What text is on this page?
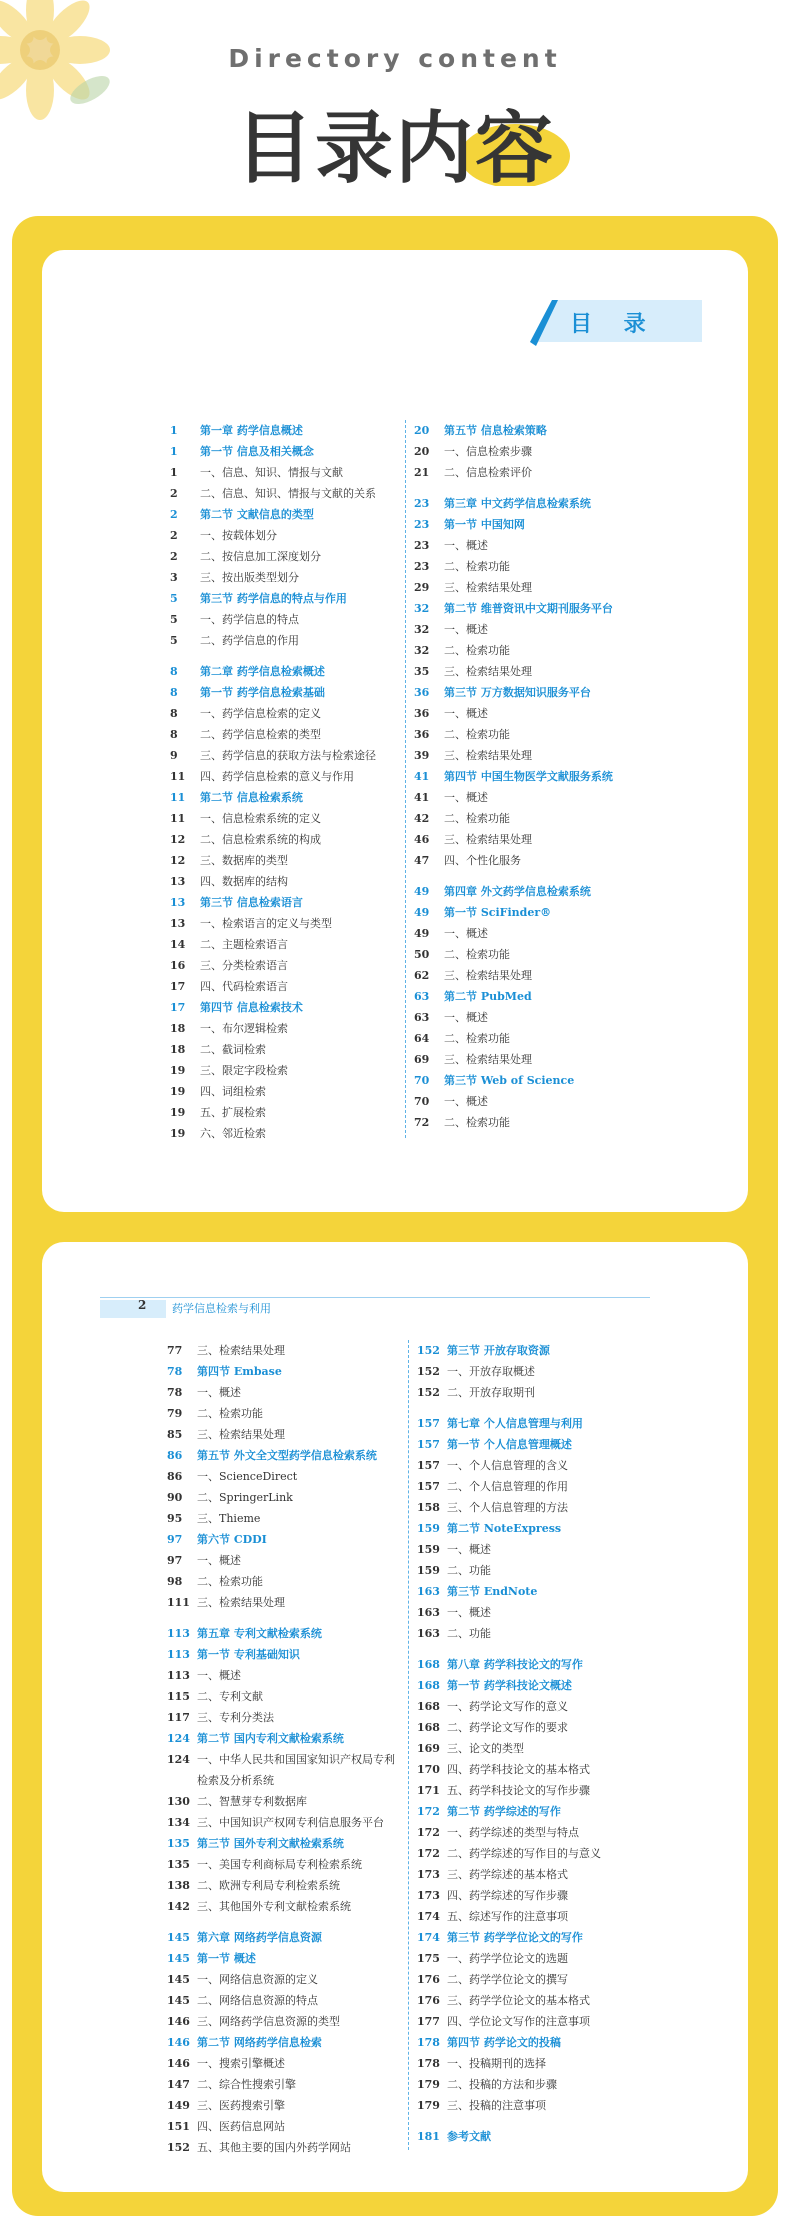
Directory content
目录内容
目 录
1	第一章 药学信息概述
1	第一节 信息及相关概念
1	一、信息、知识、情报与文献
2	二、信息、知识、情报与文献的关系
2	第二节 文献信息的类型
2	一、按载体划分
2	二、按信息加工深度划分
3	三、按出版类型划分
5	第三节 药学信息的特点与作用
5	一、药学信息的特点
5	二、药学信息的作用
8	第二章 药学信息检索概述
8	第一节 药学信息检索基础
8	一、药学信息检索的定义
8	二、药学信息检索的类型
9	三、药学信息的获取方法与检索途径
11	四、药学信息检索的意义与作用
11	第二节 信息检索系统
11	一、信息检索系统的定义
12	二、信息检索系统的构成
12	三、数据库的类型
13	四、数据库的结构
13	第三节 信息检索语言
13	一、检索语言的定义与类型
14	二、主题检索语言
16	三、分类检索语言
17	四、代码检索语言
17	第四节 信息检索技术
18	一、布尔逻辑检索
18	二、截词检索
19	三、限定字段检索
19	四、词组检索
19	五、扩展检索
19	六、邻近检索
20	第五节 信息检索策略
20	一、信息检索步骤
21	二、信息检索评价
23	第三章 中文药学信息检索系统
23	第一节 中国知网
23	一、概述
23	二、检索功能
29	三、检索结果处理
32	第二节 维普资讯中文期刊服务平台
32	一、概述
32	二、检索功能
35	三、检索结果处理
36	第三节 万方数据知识服务平台
36	一、概述
36	二、检索功能
39	三、检索结果处理
41	第四节 中国生物医学文献服务系统
41	一、概述
42	二、检索功能
46	三、检索结果处理
47	四、个性化服务
49	第四章 外文药学信息检索系统
49	第一节 SciFinder®
49	一、概述
50	二、检索功能
62	三、检索结果处理
63	第二节 PubMed
63	一、概述
64	二、检索功能
69	三、检索结果处理
70	第三节 Web of Science
70	一、概述
72	二、检索功能
2 药学信息检索与利用
77	三、检索结果处理
78	第四节 Embase
78	一、概述
79	二、检索功能
85	三、检索结果处理
86	第五节 外文全文型药学信息检索系统
86	一、ScienceDirect
90	二、SpringerLink
95	三、Thieme
97	第六节 CDDI
97	一、概述
98	二、检索功能
111 三、检索结果处理
113 第五章 专利文献检索系统
113 第一节 专利基础知识
113 一、概述
115 二、专利文献
117 三、专利分类法
124 第二节 国内专利文献检索系统
124 一、中华人民共和国国家知识产权局专利
检索及分析系统
130 二、智慧芽专利数据库
134 三、中国知识产权网专利信息服务平台
135 第三节 国外专利文献检索系统
135 一、美国专利商标局专利检索系统
138 二、欧洲专利局专利检索系统
142 三、其他国外专利文献检索系统
145 第六章 网络药学信息资源
145 第一节 概述
145 一、网络信息资源的定义
145 二、网络信息资源的特点
146 三、网络药学信息资源的类型
146 第二节 网络药学信息检索
146 一、搜索引擎概述
147 二、综合性搜索引擎
149 三、医药搜索引擎
151 四、医药信息网站
152 五、其他主要的国内外药学网站
152 第三节 开放存取资源
152 一、开放存取概述
152 二、开放存取期刊
157 第七章 个人信息管理与利用
157 第一节 个人信息管理概述
157 一、个人信息管理的含义
157 二、个人信息管理的作用
158 三、个人信息管理的方法
159 第二节 NoteExpress
159 一、概述
159 二、功能
163 第三节 EndNote
163 一、概述
163 二、功能
168 第八章 药学科技论文的写作
168 第一节 药学科技论文概述
168 一、药学论文写作的意义
168 二、药学论文写作的要求
169 三、论文的类型
170 四、药学科技论文的基本格式
171 五、药学科技论文的写作步骤
172 第二节 药学综述的写作
172 一、药学综述的类型与特点
172 二、药学综述的写作目的与意义
173 三、药学综述的基本格式
173 四、药学综述的写作步骤
174 五、综述写作的注意事项
174 第三节 药学学位论文的写作
175 一、药学学位论文的选题
176 二、药学学位论文的撰写
176 三、药学学位论文的基本格式
177 四、学位论文写作的注意事项
178 第四节 药学论文的投稿
178 一、投稿期刊的选择
179 二、投稿的方法和步骤
179 三、投稿的注意事项
181 参考文献
